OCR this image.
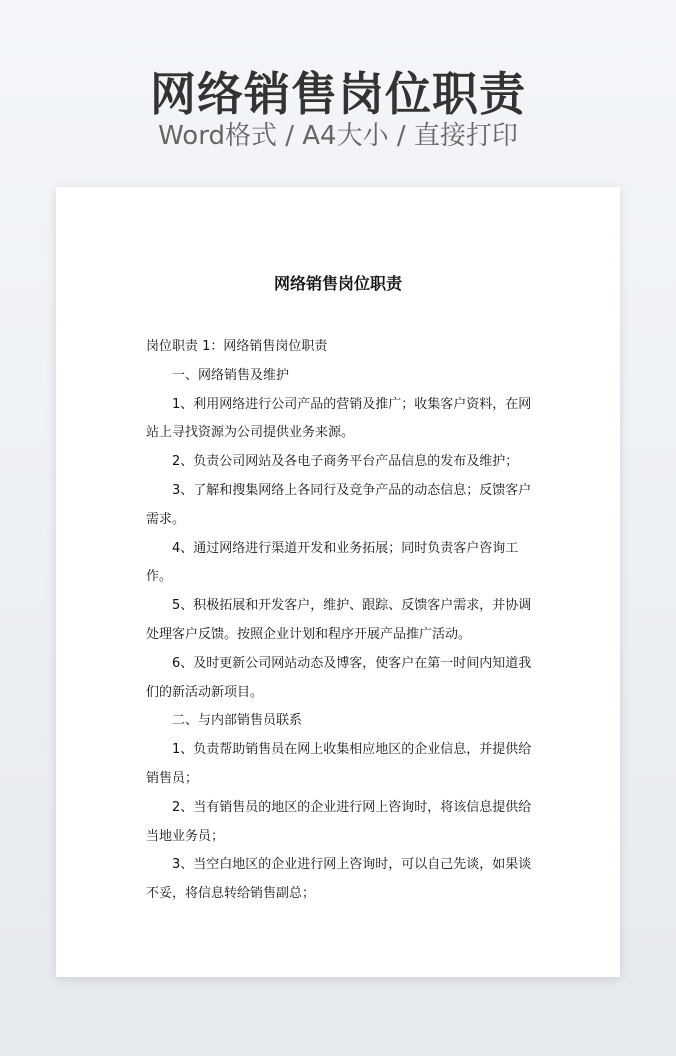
网络销售岗位职责
Word格式 / A4大小 / 直接打印
网络销售岗位职责

岗位职责 1：网络销售岗位职责

一、网络销售及维护

1、利用网络进行公司产品的营销及推广；收集客户资料，在网站上寻找资源为公司提供业务来源。

2、负责公司网站及各电子商务平台产品信息的发布及维护；

3、了解和搜集网络上各同行及竞争产品的动态信息；反馈客户需求。

4、通过网络进行渠道开发和业务拓展；同时负责客户咨询工作。

5、积极拓展和开发客户，维护、跟踪、反馈客户需求，并协调处理客户反馈。按照企业计划和程序开展产品推广活动。

6、及时更新公司网站动态及博客，使客户在第一时间内知道我们的新活动新项目。

二、与内部销售员联系

1、负责帮助销售员在网上收集相应地区的企业信息，并提供给销售员；

2、当有销售员的地区的企业进行网上咨询时，将该信息提供给当地业务员；

3、当空白地区的企业进行网上咨询时，可以自己先谈，如果谈不妥，将信息转给销售副总；
